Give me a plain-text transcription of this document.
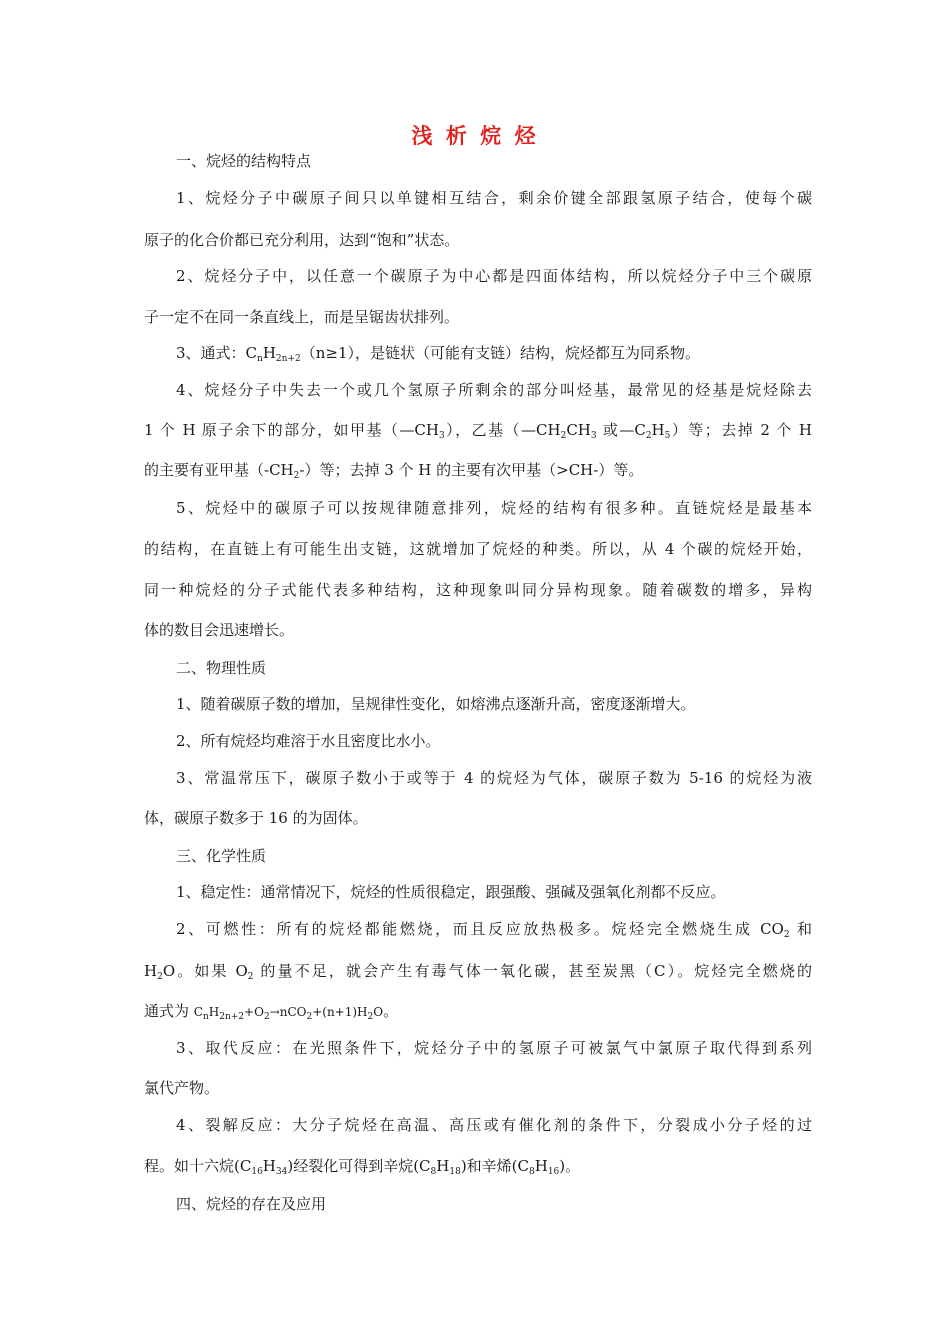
浅 析 烷 烃

一、烷烃的结构特点

1、烷烃分子中碳原子间只以单键相互结合，剩余价键全部跟氢原子结合，使每个碳

原子的化合价都已充分利用，达到“饱和”状态。

2、烷烃分子中，以任意一个碳原子为中心都是四面体结构，所以烷烃分子中三个碳原

子一定不在同一条直线上，而是呈锯齿状排列。

3、通式：$C_nH_{2n+2}(n\ge 1)$，是链状（可能有支链）结构，烷烃都互为同系物。

4、烷烃分子中失去一个或几个氢原子所剩余的部分叫烃基，最常见的烃基是烷烃除去

1 个 H 原子余下的部分，如甲基$(—CH_3)$，乙基（$—CH_2CH_3$ 或$—C_2H_5$）等；去掉 2 个 H

的主要有亚甲基$(-CH_2-)$等；去掉 3 个 H 的主要有次甲基（>CH-）等。

5、烷烃中的碳原子可以按规律随意排列，烷烃的结构有很多种。直链烷烃是最基本

的结构，在直链上有可能生出支链，这就增加了烷烃的种类。所以，从 4 个碳的烷烃开始，

同一种烷烃的分子式能代表多种结构，这种现象叫同分异构现象。随着碳数的增多，异构

体的数目会迅速增长。

二、物理性质

1、随着碳原子数的增加，呈规律性变化，如熔沸点逐渐升高，密度逐渐增大。

2、所有烷烃均难溶于水且密度比水小。

3、常温常压下，碳原子数小于或等于 4 的烷烃为气体，碳原子数为 5-16 的烷烃为液

体，碳原子数多于 16 的为固体。

三、化学性质

1、稳定性：通常情况下，烷烃的性质很稳定，跟强酸、强碱及强氧化剂都不反应。

2、可燃性：所有的烷烃都能燃烧，而且反应放热极多。烷烃完全燃烧生成 $CO_2$ 和

$H_2O$。如果 $O_2$ 的量不足，就会产生有毒气体一氧化碳，甚至炭黑（C）。烷烃完全燃烧的

通式为 $C_nH_{2n+2}+O_2\to nCO_2+(n+1)H_2O$。

3、取代反应：在光照条件下，烷烃分子中的氢原子可被氯气中氯原子取代得到系列

氯代产物。

4、裂解反应：大分子烷烃在高温、高压或有催化剂的条件下，分裂成小分子烃的过

程。如十六烷$(C_{16}H_{34})$经裂化可得到辛烷$(C_8H_{18})$和辛烯$(C_8H_{16})$。

四、烷烃的存在及应用
